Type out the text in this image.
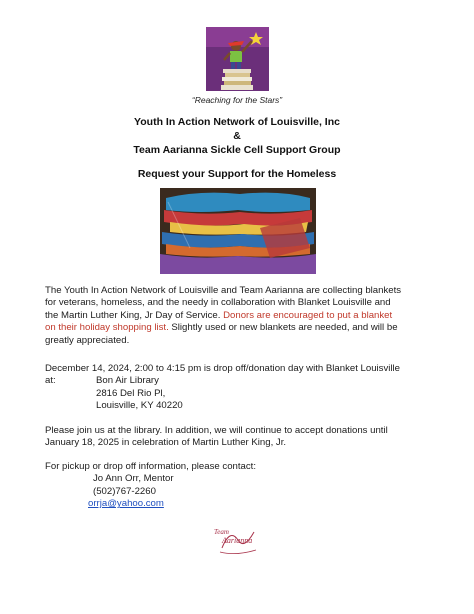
“Reaching for the Stars”
Youth In Action Network of Louisville, Inc
&
Team Aarianna Sickle Cell Support Group
Request your Support for the Homeless
The Youth In Action Network of Louisville and Team Aarianna are collecting blankets
for veterans, homeless, and the needy in collaboration with Blanket Louisville and
the Martin Luther King, Jr Day of Service. Donors are encouraged to put a blanket
on their holiday shopping list. Slightly used or new blankets are needed, and will be
greatly appreciated.
December 14, 2024, 2:00 to 4:15 pm is drop off/donation day with Blanket Louisville
at:	Bon Air Library
2816 Del Rio Pl,
Louisville, KY 40220
Please join us at the library. In addition, we will continue to accept donations until
January 18, 2025 in celebration of Martin Luther King, Jr.
For pickup or drop off information, please contact:
Jo Ann Orr, Mentor
(502)767-2260
orrja@yahoo.com
Team
Aarianna
